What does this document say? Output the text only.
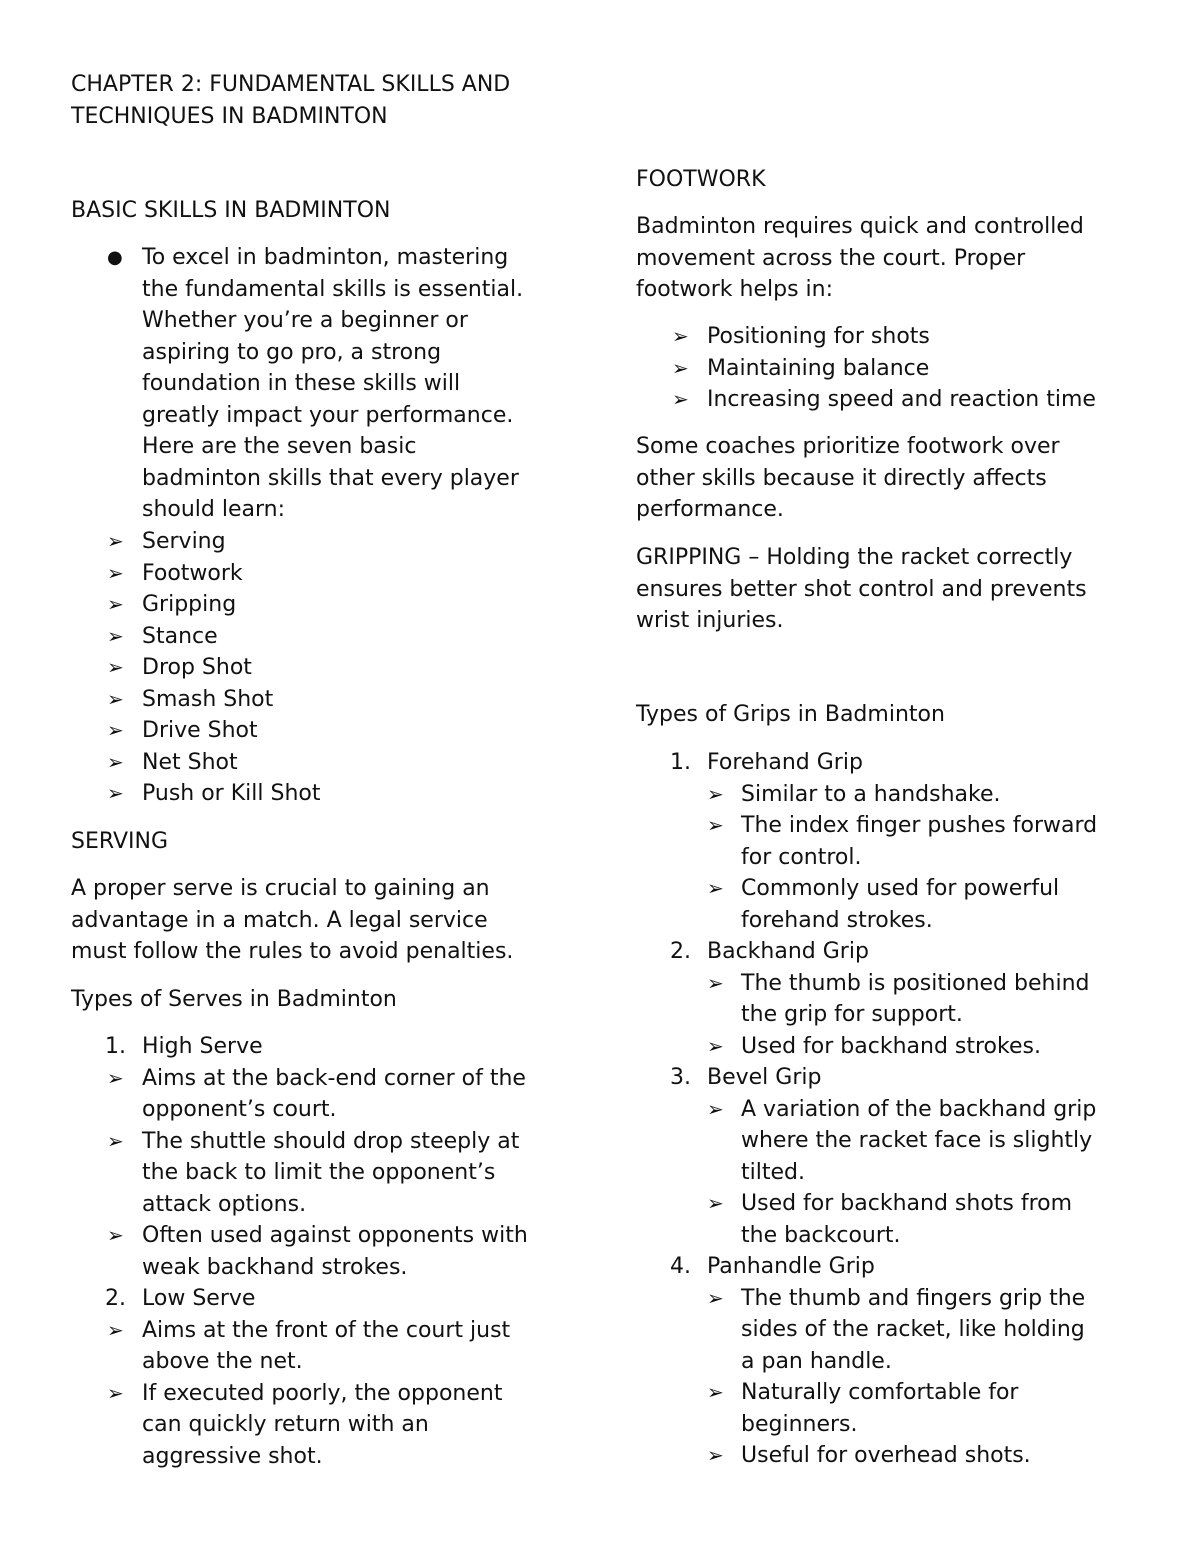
CHAPTER 2: FUNDAMENTAL SKILLS AND
TECHNIQUES IN BADMINTON
BASIC SKILLS IN BADMINTON
● To excel in badminton, mastering
the fundamental skills is essential.
Whether you’re a beginner or
aspiring to go pro, a strong
foundation in these skills will
greatly impact your performance.
Here are the seven basic
badminton skills that every player
should learn:
➢ Serving
➢ Footwork
➢ Gripping
➢ Stance
➢ Drop Shot
➢ Smash Shot
➢ Drive Shot
➢ Net Shot
➢ Push or Kill Shot
SERVING
A proper serve is crucial to gaining an
advantage in a match. A legal service
must follow the rules to avoid penalties.
Types of Serves in Badminton
1. High Serve
➢ Aims at the back-end corner of the
opponent’s court.
➢ The shuttle should drop steeply at
the back to limit the opponent’s
attack options.
➢ Often used against opponents with
weak backhand strokes.
2. Low Serve
➢ Aims at the front of the court just
above the net.
➢ If executed poorly, the opponent
can quickly return with an
aggressive shot.
FOOTWORK
Badminton requires quick and controlled
movement across the court. Proper
footwork helps in:
➢ Positioning for shots
➢ Maintaining balance
➢ Increasing speed and reaction time
Some coaches prioritize footwork over
other skills because it directly affects
performance.
GRIPPING – Holding the racket correctly
ensures better shot control and prevents
wrist injuries.
Types of Grips in Badminton
1. Forehand Grip
➢ Similar to a handshake.
➢ The index finger pushes forward
for control.
➢ Commonly used for powerful
forehand strokes.
2. Backhand Grip
➢ The thumb is positioned behind
the grip for support.
➢ Used for backhand strokes.
3. Bevel Grip
➢ A variation of the backhand grip
where the racket face is slightly
tilted.
➢ Used for backhand shots from
the backcourt.
4. Panhandle Grip
➢ The thumb and fingers grip the
sides of the racket, like holding
a pan handle.
➢ Naturally comfortable for
beginners.
➢ Useful for overhead shots.
